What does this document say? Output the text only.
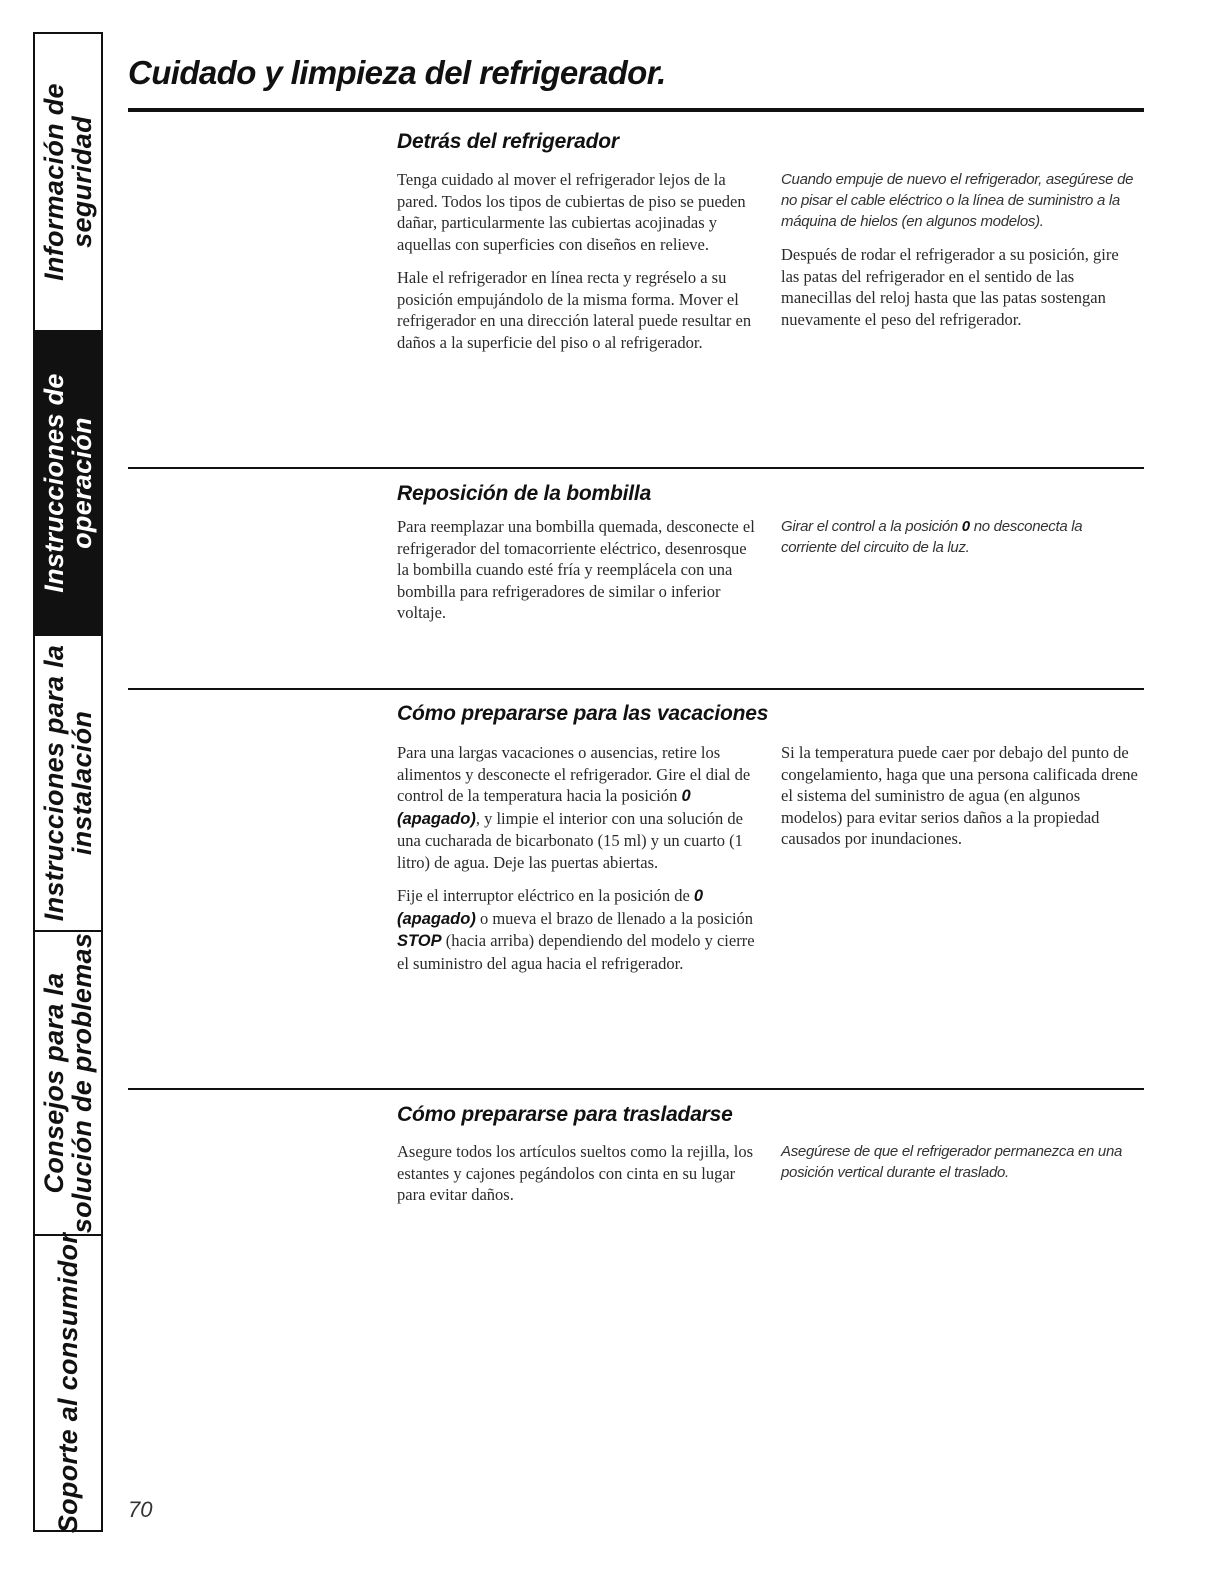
Información de
seguridad
Instrucciones de
operación
Instrucciones para la
instalación
Consejos para la
solución de problemas
Soporte al consumidor
Cuidado y limpieza del refrigerador.
Detrás del refrigerador

Tenga cuidado al mover el refrigerador lejos de la pared. Todos los tipos de cubiertas de piso se pueden dañar, particularmente las cubiertas acojinadas y aquellas con superficies con diseños en relieve.

Hale el refrigerador en línea recta y regréselo a su posición empujándolo de la misma forma. Mover el refrigerador en una dirección lateral puede resultar en daños a la superficie del piso o al refrigerador.

Cuando empuje de nuevo el refrigerador, asegúrese de no pisar el cable eléctrico o la línea de suministro a la máquina de hielos (en algunos modelos).

Después de rodar el refrigerador a su posición, gire las patas del refrigerador en el sentido de las manecillas del reloj hasta que las patas sostengan nuevamente el peso del refrigerador.

Reposición de la bombilla

Para reemplazar una bombilla quemada, desconecte el refrigerador del tomacorriente eléctrico, desenrosque la bombilla cuando esté fría y reemplácela con una bombilla para refrigeradores de similar o inferior voltaje.

Girar el control a la posición 0 no desconecta la corriente del circuito de la luz.

Cómo prepararse para las vacaciones

Para una largas vacaciones o ausencias, retire los alimentos y desconecte el refrigerador. Gire el dial de control de la temperatura hacia la posición 0 (apagado), y limpie el interior con una solución de una cucharada de bicarbonato (15 ml) y un cuarto (1 litro) de agua. Deje las puertas abiertas.

Fije el interruptor eléctrico en la posición de 0 (apagado) o mueva el brazo de llenado a la posición STOP (hacia arriba) dependiendo del modelo y cierre el suministro del agua hacia el refrigerador.

Si la temperatura puede caer por debajo del punto de congelamiento, haga que una persona calificada drene el sistema del suministro de agua (en algunos modelos) para evitar serios daños a la propiedad causados por inundaciones.

Cómo prepararse para trasladarse

Asegure todos los artículos sueltos como la rejilla, los estantes y cajones pegándolos con cinta en su lugar para evitar daños.

Asegúrese de que el refrigerador permanezca en una posición vertical durante el traslado.

70
